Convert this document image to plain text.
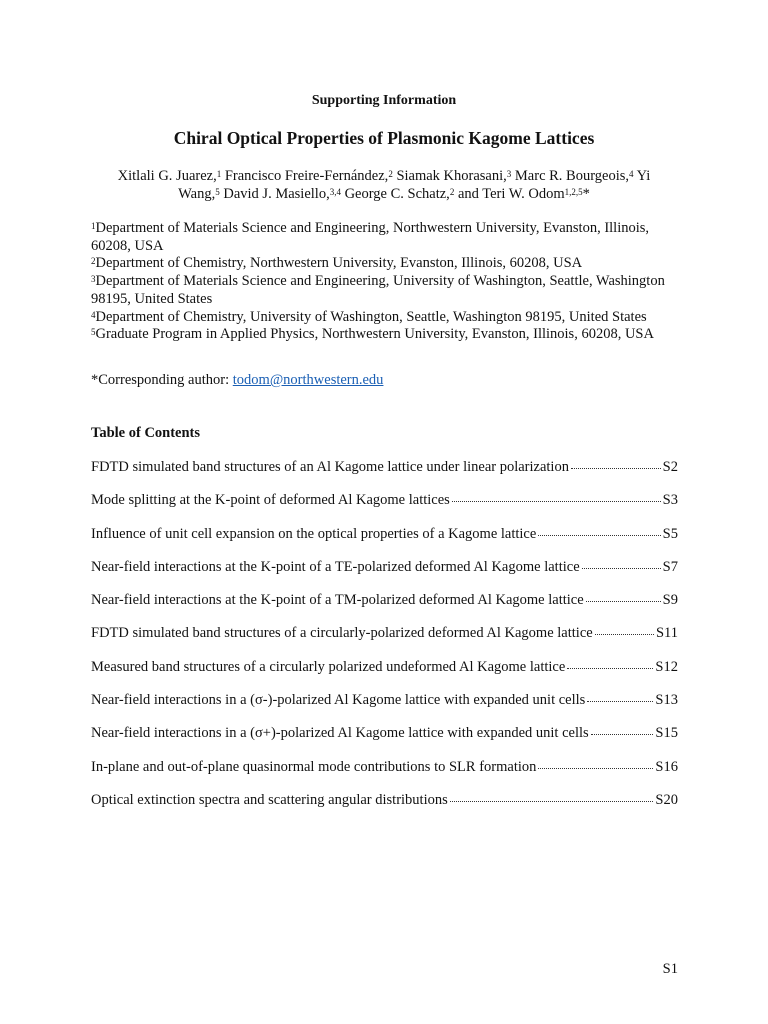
Supporting Information
Chiral Optical Properties of Plasmonic Kagome Lattices
Xitlali G. Juarez,$^1$ Francisco Freire-Fernández,$^2$ Siamak Khorasani,$^3$ Marc R. Bourgeois,$^4$ Yi Wang,$^5$ David J. Masiello,$^{3,4}$ George C. Schatz,$^2$ and Teri W. Odom$^{1,2,5}$*

$^1$Department of Materials Science and Engineering, Northwestern University, Evanston, Illinois, 60208, USA

$^2$Department of Chemistry, Northwestern University, Evanston, Illinois, 60208, USA

$^3$Department of Materials Science and Engineering, University of Washington, Seattle, Washington 98195, United States

$^4$Department of Chemistry, University of Washington, Seattle, Washington 98195, United States

$^5$Graduate Program in Applied Physics, Northwestern University, Evanston, Illinois, 60208, USA

*Corresponding author: todom@northwestern.edu
Table of Contents
FDTD simulated band structures of an Al Kagome lattice under linear polarization	S2
Mode splitting at the K-point of deformed Al Kagome lattices	S3
Influence of unit cell expansion on the optical properties of a Kagome lattice	S5
Near-field interactions at the K-point of a TE-polarized deformed Al Kagome lattice	S7
Near-field interactions at the K-point of a TM-polarized deformed Al Kagome lattice	S9
FDTD simulated band structures of a circularly-polarized deformed Al Kagome lattice	S11
Measured band structures of a circularly polarized undeformed Al Kagome lattice	S12
Near-field interactions in a (σ-)-polarized Al Kagome lattice with expanded unit cells	S13
Near-field interactions in a (σ+)-polarized Al Kagome lattice with expanded unit cells	S15
In-plane and out-of-plane quasinormal mode contributions to SLR formation	S16
Optical extinction spectra and scattering angular distributions	S20
S1
